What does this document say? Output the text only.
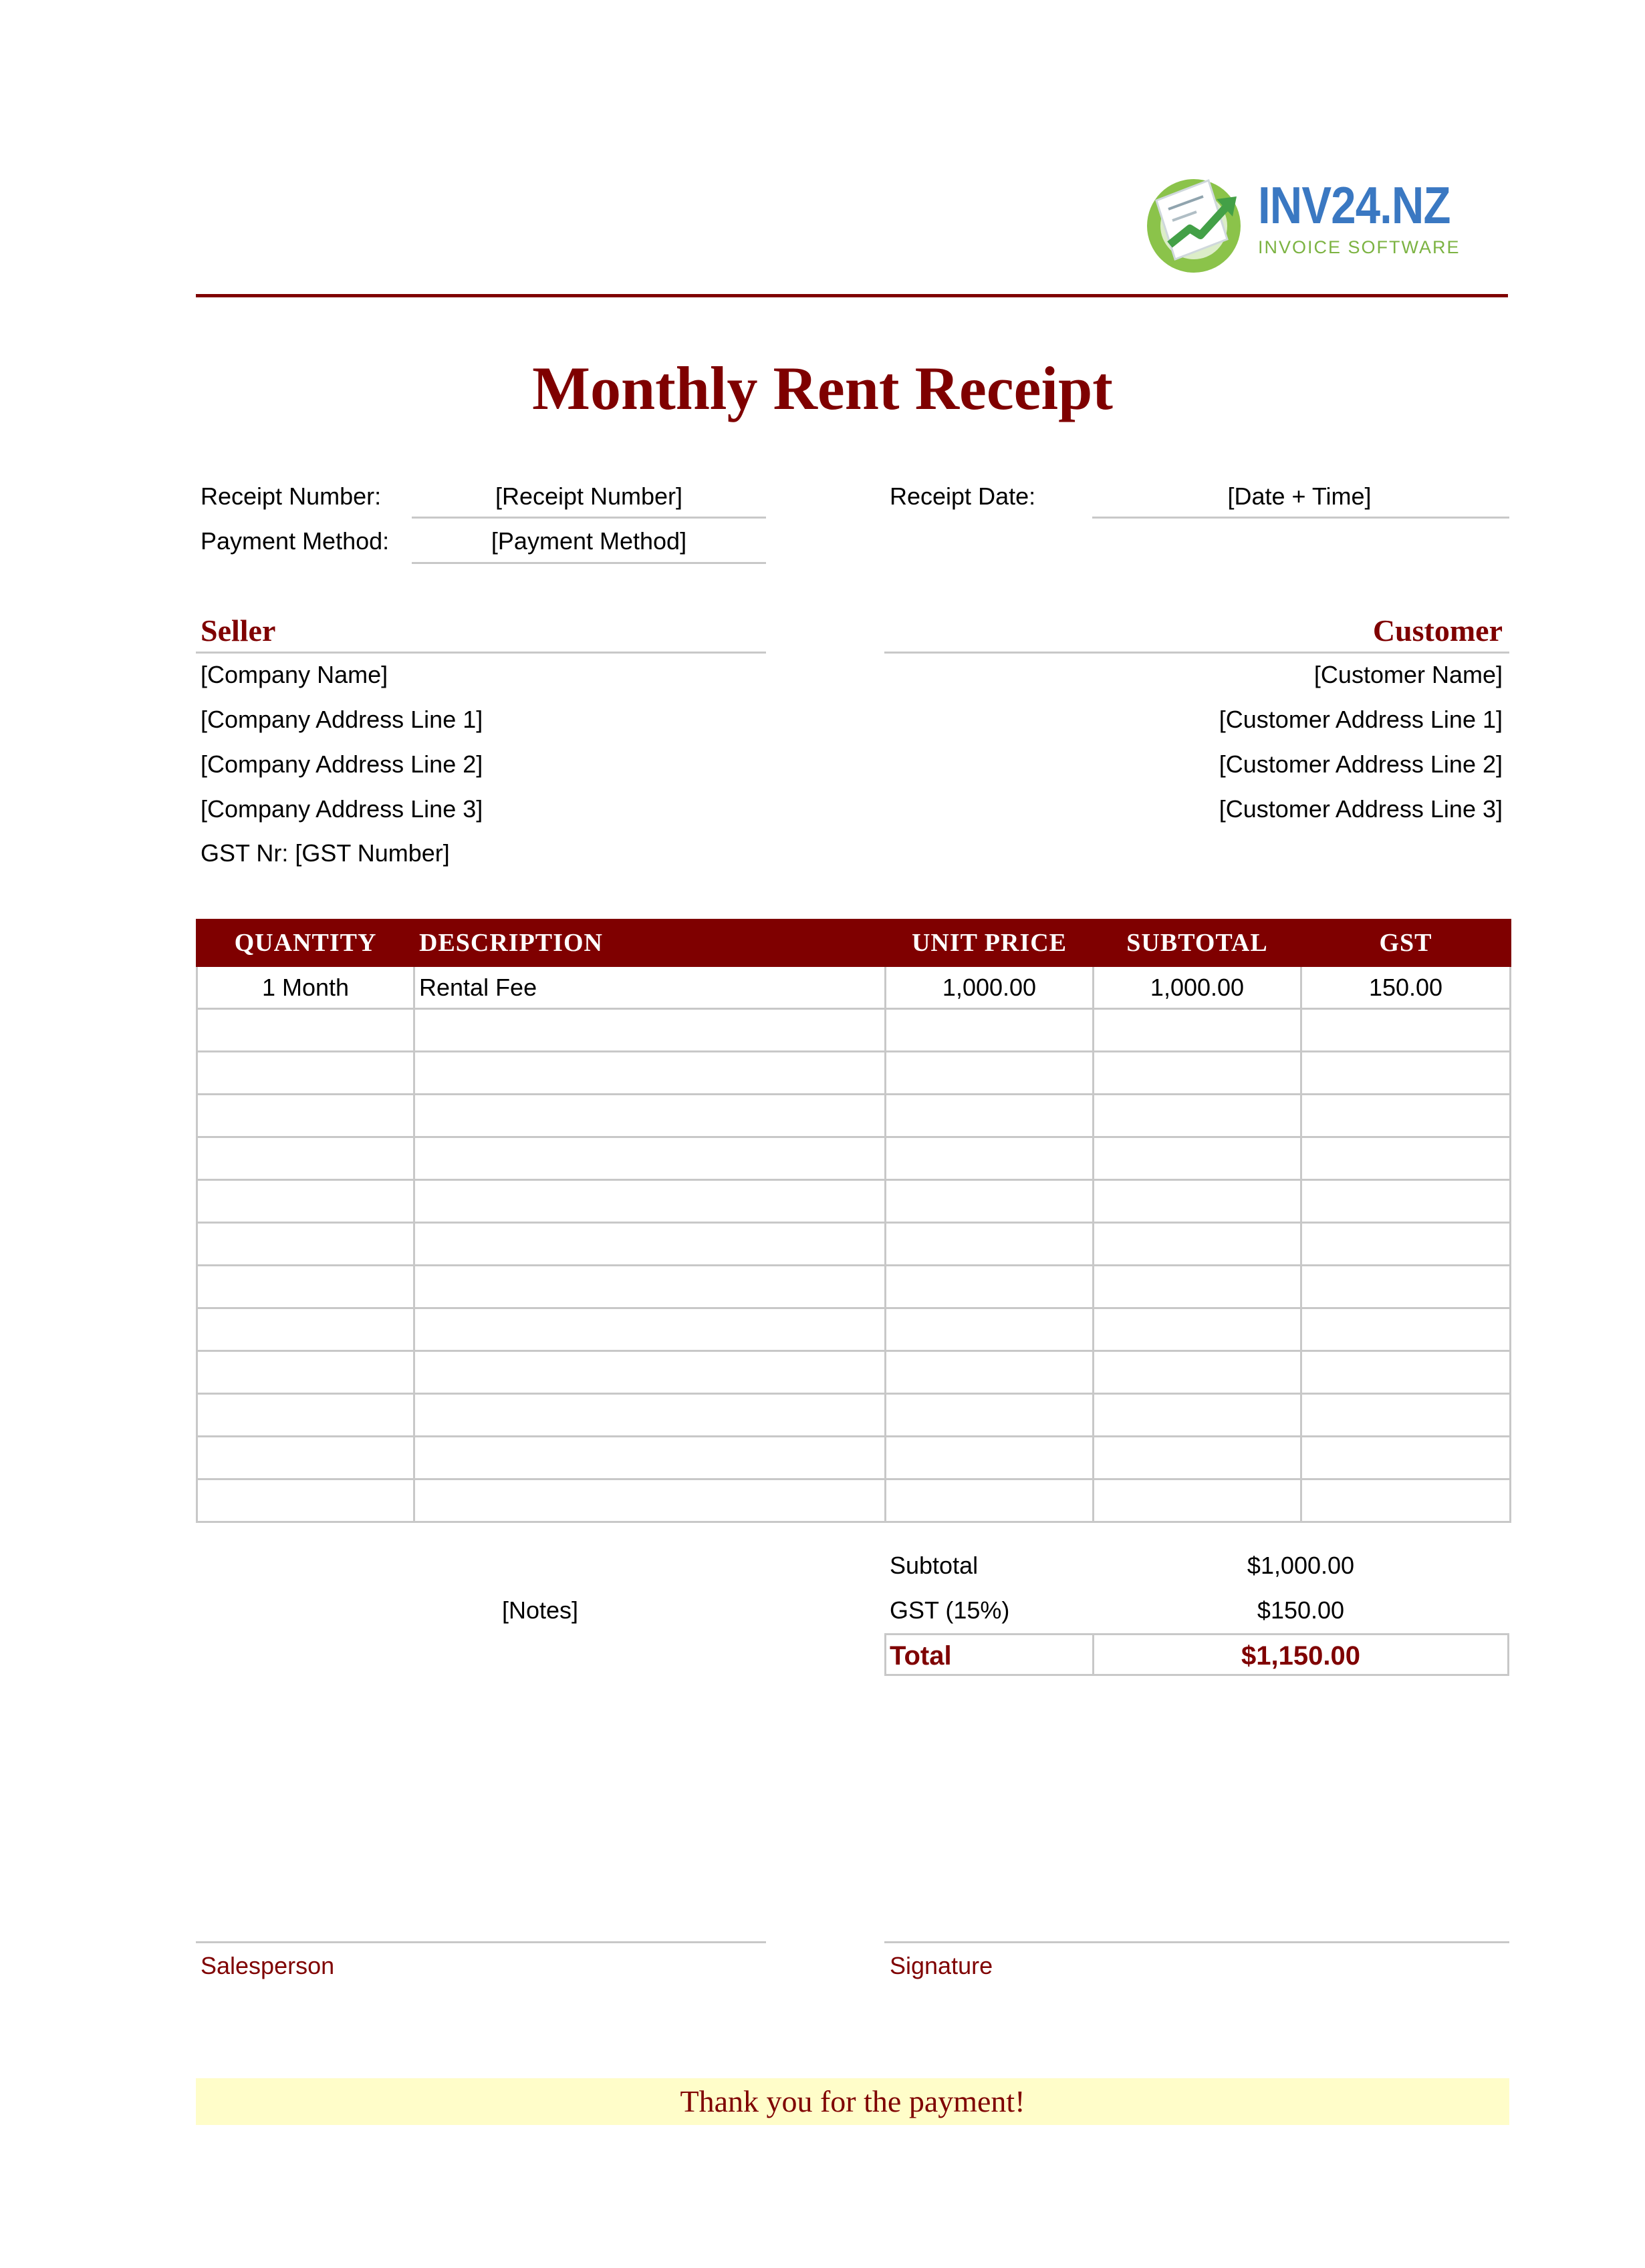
INV24.NZ
INVOICE SOFTWARE
Monthly Rent Receipt
Receipt Number:	[Receipt Number]
Payment Method:	[Payment Method]
Receipt Date:	[Date + Time]
Seller
[Company Name]
[Company Address Line 1]
[Company Address Line 2]
[Company Address Line 3]
GST Nr: [GST Number]
Customer
[Customer Name]
[Customer Address Line 1]
[Customer Address Line 2]
[Customer Address Line 3]
QUANTITY	DESCRIPTION	UNIT PRICE	SUBTOTAL	GST
1 Month	Rental Fee	1,000.00	1,000.00	150.00

[Notes]
Subtotal	$1,000.00
GST (15%)	$150.00
Total	$1,150.00
Salesperson	Signature
Thank you for the payment!
